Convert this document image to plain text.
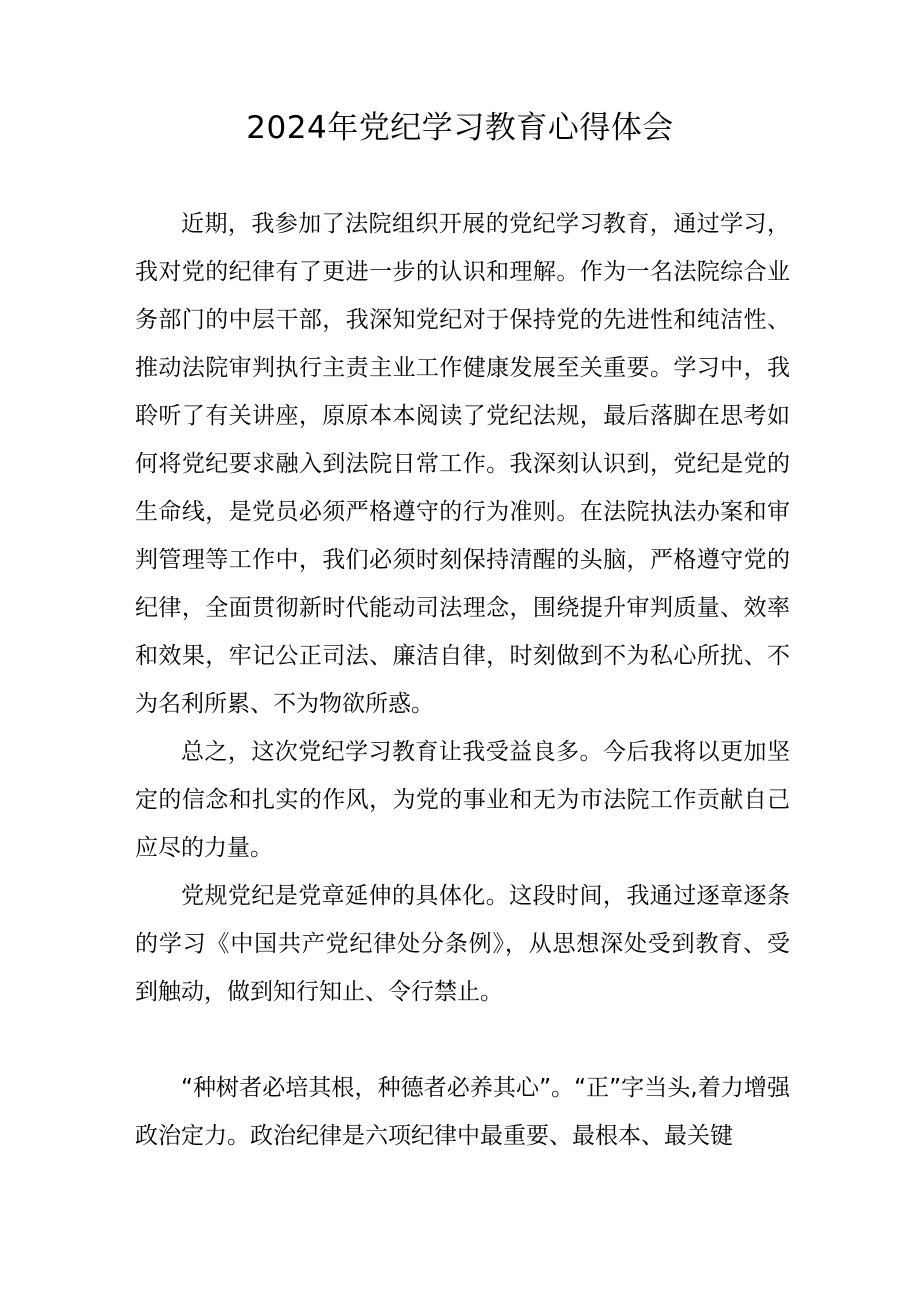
2024年党纪学习教育心得体会

近期，我参加了法院组织开展的党纪学习教育，通过学习，我对党的纪律有了更进一步的认识和理解。作为一名法院综合业务部门的中层干部，我深知党纪对于保持党的先进性和纯洁性、推动法院审判执行主责主业工作健康发展至关重要。学习中，我聆听了有关讲座，原原本本阅读了党纪法规，最后落脚在思考如何将党纪要求融入到法院日常工作。我深刻认识到，党纪是党的生命线，是党员必须严格遵守的行为准则。在法院执法办案和审判管理等工作中，我们必须时刻保持清醒的头脑，严格遵守党的纪律，全面贯彻新时代能动司法理念，围绕提升审判质量、效率和效果，牢记公正司法、廉洁自律，时刻做到不为私心所扰、不为名利所累、不为物欲所惑。

总之，这次党纪学习教育让我受益良多。今后我将以更加坚定的信念和扎实的作风，为党的事业和无为市法院工作贡献自己应尽的力量。

党规党纪是党章延伸的具体化。这段时间，我通过逐章逐条的学习《中国共产党纪律处分条例》，从思想深处受到教育、受到触动，做到知行知止、令行禁止。

“种树者必培其根，种德者必养其心”。“正”字当头,着力增强政治定力。政治纪律是六项纪律中最重要、最根本、最关键
